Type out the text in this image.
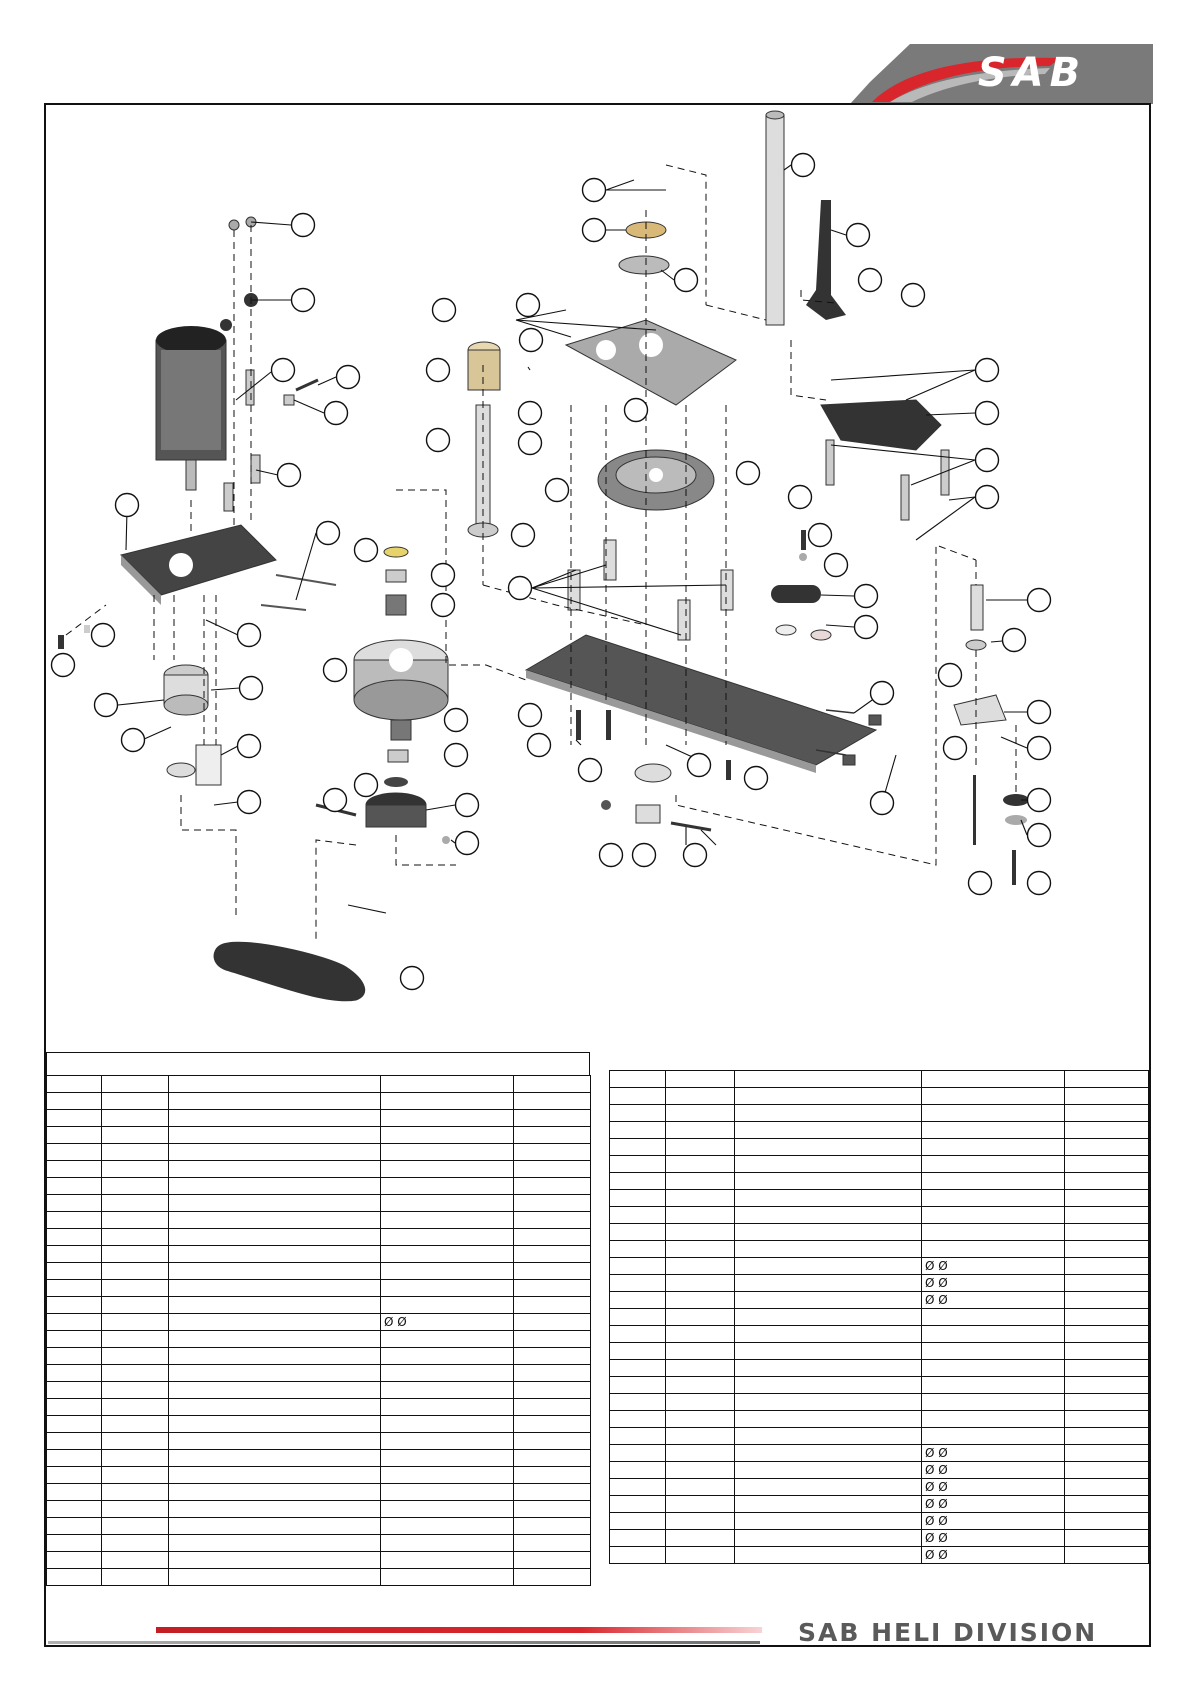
SAB

			Ø Ø	

			Ø Ø	
			Ø Ø	
			Ø Ø	

			Ø Ø	
			Ø Ø	
			Ø Ø	
			Ø Ø	
			Ø Ø	
			Ø Ø	
			Ø Ø	
SAB HELI DIVISION
